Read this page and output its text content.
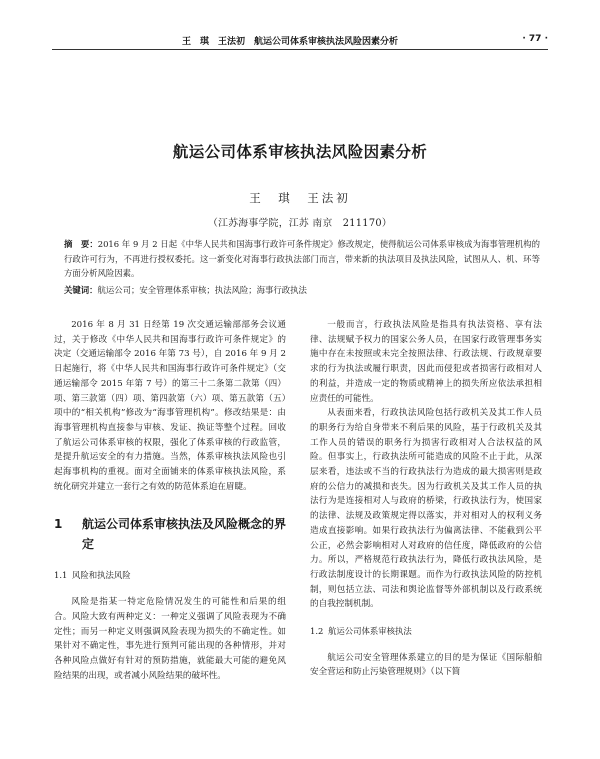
王　琪　王法初　航运公司体系审核执法风险因素分析	· 77 ·
航运公司体系审核执法风险因素分析
王　琪　王法初
（江苏海事学院，江苏 南京　211170）
摘　要：2016 年 9 月 2 日起《中华人民共和国海事行政许可条件规定》修改规定，使得航运公司体系审核成为海事管理机构的行政许可行为，不再进行授权委托。这一新变化对海事行政执法部门而言，带来新的执法项目及执法风险，试图从人、机、环等方面分析风险因素。
关键词：航运公司；安全管理体系审核；执法风险；海事行政执法

2016 年 8 月 31 日经第 19 次交通运输部部务会议通过，关于修改《中华人民共和国海事行政许可条件规定》的决定（交通运输部令 2016 年第 73 号），自 2016 年 9 月 2 日起施行，将《中华人民共和国海事行政许可条件规定》（交通运输部令 2015 年第 7 号）的第三十二条第二款第（四）项、第三款第（四）项、第四款第（六）项、第五款第（五）项中的“相关机构”修改为“海事管理机构”。修改结果是：由海事管理机构直接参与审核、发证、换证等整个过程。回收了航运公司体系审核的权限，强化了体系审核的行政监管，是提升航运安全的有力措施。当然，体系审核执法风险也引起海事机构的重视。面对全面铺来的体系审核执法风险，系统化研究并建立一套行之有效的防范体系迫在眉睫。

1	航运公司体系审核执法及风险概念的界定
1.1 风险和执法风险

风险是指某一特定危险情况发生的可能性和后果的组合。风险大致有两种定义：一种定义强调了风险表现为不确定性；而另一种定义则强调风险表现为损失的不确定性。如果针对不确定性，事先进行预判可能出现的各种情形，并对各种风险点做好有针对的预防措施，就能最大可能的避免风险结果的出现，或者减小风险结果的破坏性。

一般而言，行政执法风险是指具有执法资格、享有法律、法规赋予权力的国家公务人员，在国家行政管理事务实施中存在未按照或未完全按照法律、行政法规、行政规章要求的行为执法或履行职责，因此而侵犯或者损害行政相对人的利益，并造成一定的物质或精神上的损失所应依法承担相应责任的可能性。

从表面来看，行政执法风险包括行政机关及其工作人员的职务行为给自身带来不利后果的风险，基于行政机关及其工作人员的错误的职务行为损害行政相对人合法权益的风险。但事实上，行政执法所可能造成的风险不止于此，从深层来看，违法或不当的行政执法行为造成的最大损害则是政府的公信力的减损和丧失。因为行政机关及其工作人员的执法行为是连接相对人与政府的桥梁，行政执法行为，使国家的法律、法规及政策规定得以落实，并对相对人的权利义务造成直接影响。如果行政执法行为偏离法律、不能截到公平公正，必然会影响相对人对政府的信任度，降低政府的公信力。所以，严格规范行政执法行为，降低行政执法风险，是行政法制度设计的长期课题。而作为行政执法风险的防控机制，则包括立法、司法和舆论监督等外部机制以及行政系统的自我控制机制。

1.2 航运公司体系审核执法

航运公司安全管理体系建立的目的是为保证《国际船舶安全营运和防止污染管理规则》（以下简
